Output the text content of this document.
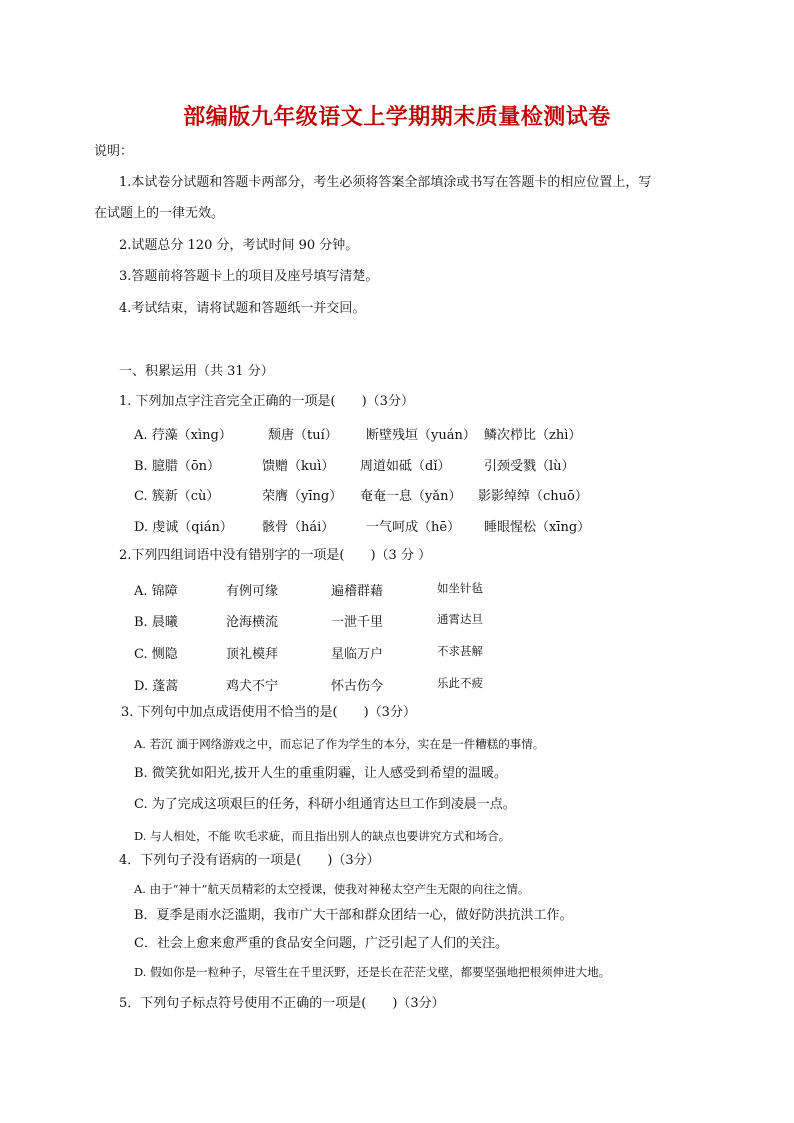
部编版九年级语文上学期期末质量检测试卷
说明：
1.本试卷分试题和答题卡两部分，考生必须将答案全部填涂或书写在答题卡的相应位置上，写
在试题上的一律无效。
2.试题总分 120 分，考试时间 90 分钟。
3.答题前将答题卡上的项目及座号填写清楚。
4.考试结束，请将试题和答题纸一并交回。
一、积累运用（共 31 分）
1. 下列加点字注音完全正确的一项是(　　)（3分）
A. 荇藻（xìng）	颓唐（tuí） 断壁残垣（yuán） 鳞次栉比（zhì）
B. 臆腊（ōn）	馈赠（kuì） 周道如砥（dǐ）	引颈受戮（lù）
C. 簇新（cù）	荣膺（yīng） 奄奄一息（yǎn） 影影绰绰（chuō）
D. 虔诚（qián） 骸骨（hái） 一气呵成（hē） 睡眼惺松（xīng）
2.下列四组词语中没有错别字的一项是(　　)（3 分 ）
A. 锦障	有例可缘	遍稽群藉	如坐针毡
B. 晨曦	沧海横流	一泄千里	通霄达旦
C. 恻隐	顶礼模拜	星临万户	不求甚解
D. 蓬蒿	鸡犬不宁	怀古伤今	乐此不疲
3. 下列句中加点成语使用不恰当的是(　　)（3分）
A. 若沉 湎于网络游戏之中，而忘记了作为学生的本分，实在是一件糟糕的事情。
B. 微笑犹如阳光,拔开人生的重重阴霾，让人感受到希望的温暖。
C. 为了完成这项艰巨的任务，科研小组通宵达旦工作到凌晨一点。
D. 与人相处，不能 吹毛求疵，而且指出别人的缺点也要讲究方式和场合。
4．下列句子没有语病的一项是(　　)（3分）
A. 由于“神十”航天员精彩的太空授课，使我对神秘太空产生无限的向往之情。
B．夏季是雨水泛滥期，我市广大干部和群众团结一心，做好防洪抗洪工作。
C．社会上愈来愈严重的食品安全问题，广泛引起了人们的关注。
D. 假如你是一粒种子，尽管生在千里沃野，还是长在茫茫戈壁，都要坚强地把根须伸进大地。
5．下列句子标点符号使用不正确的一项是(　　)（3分）
